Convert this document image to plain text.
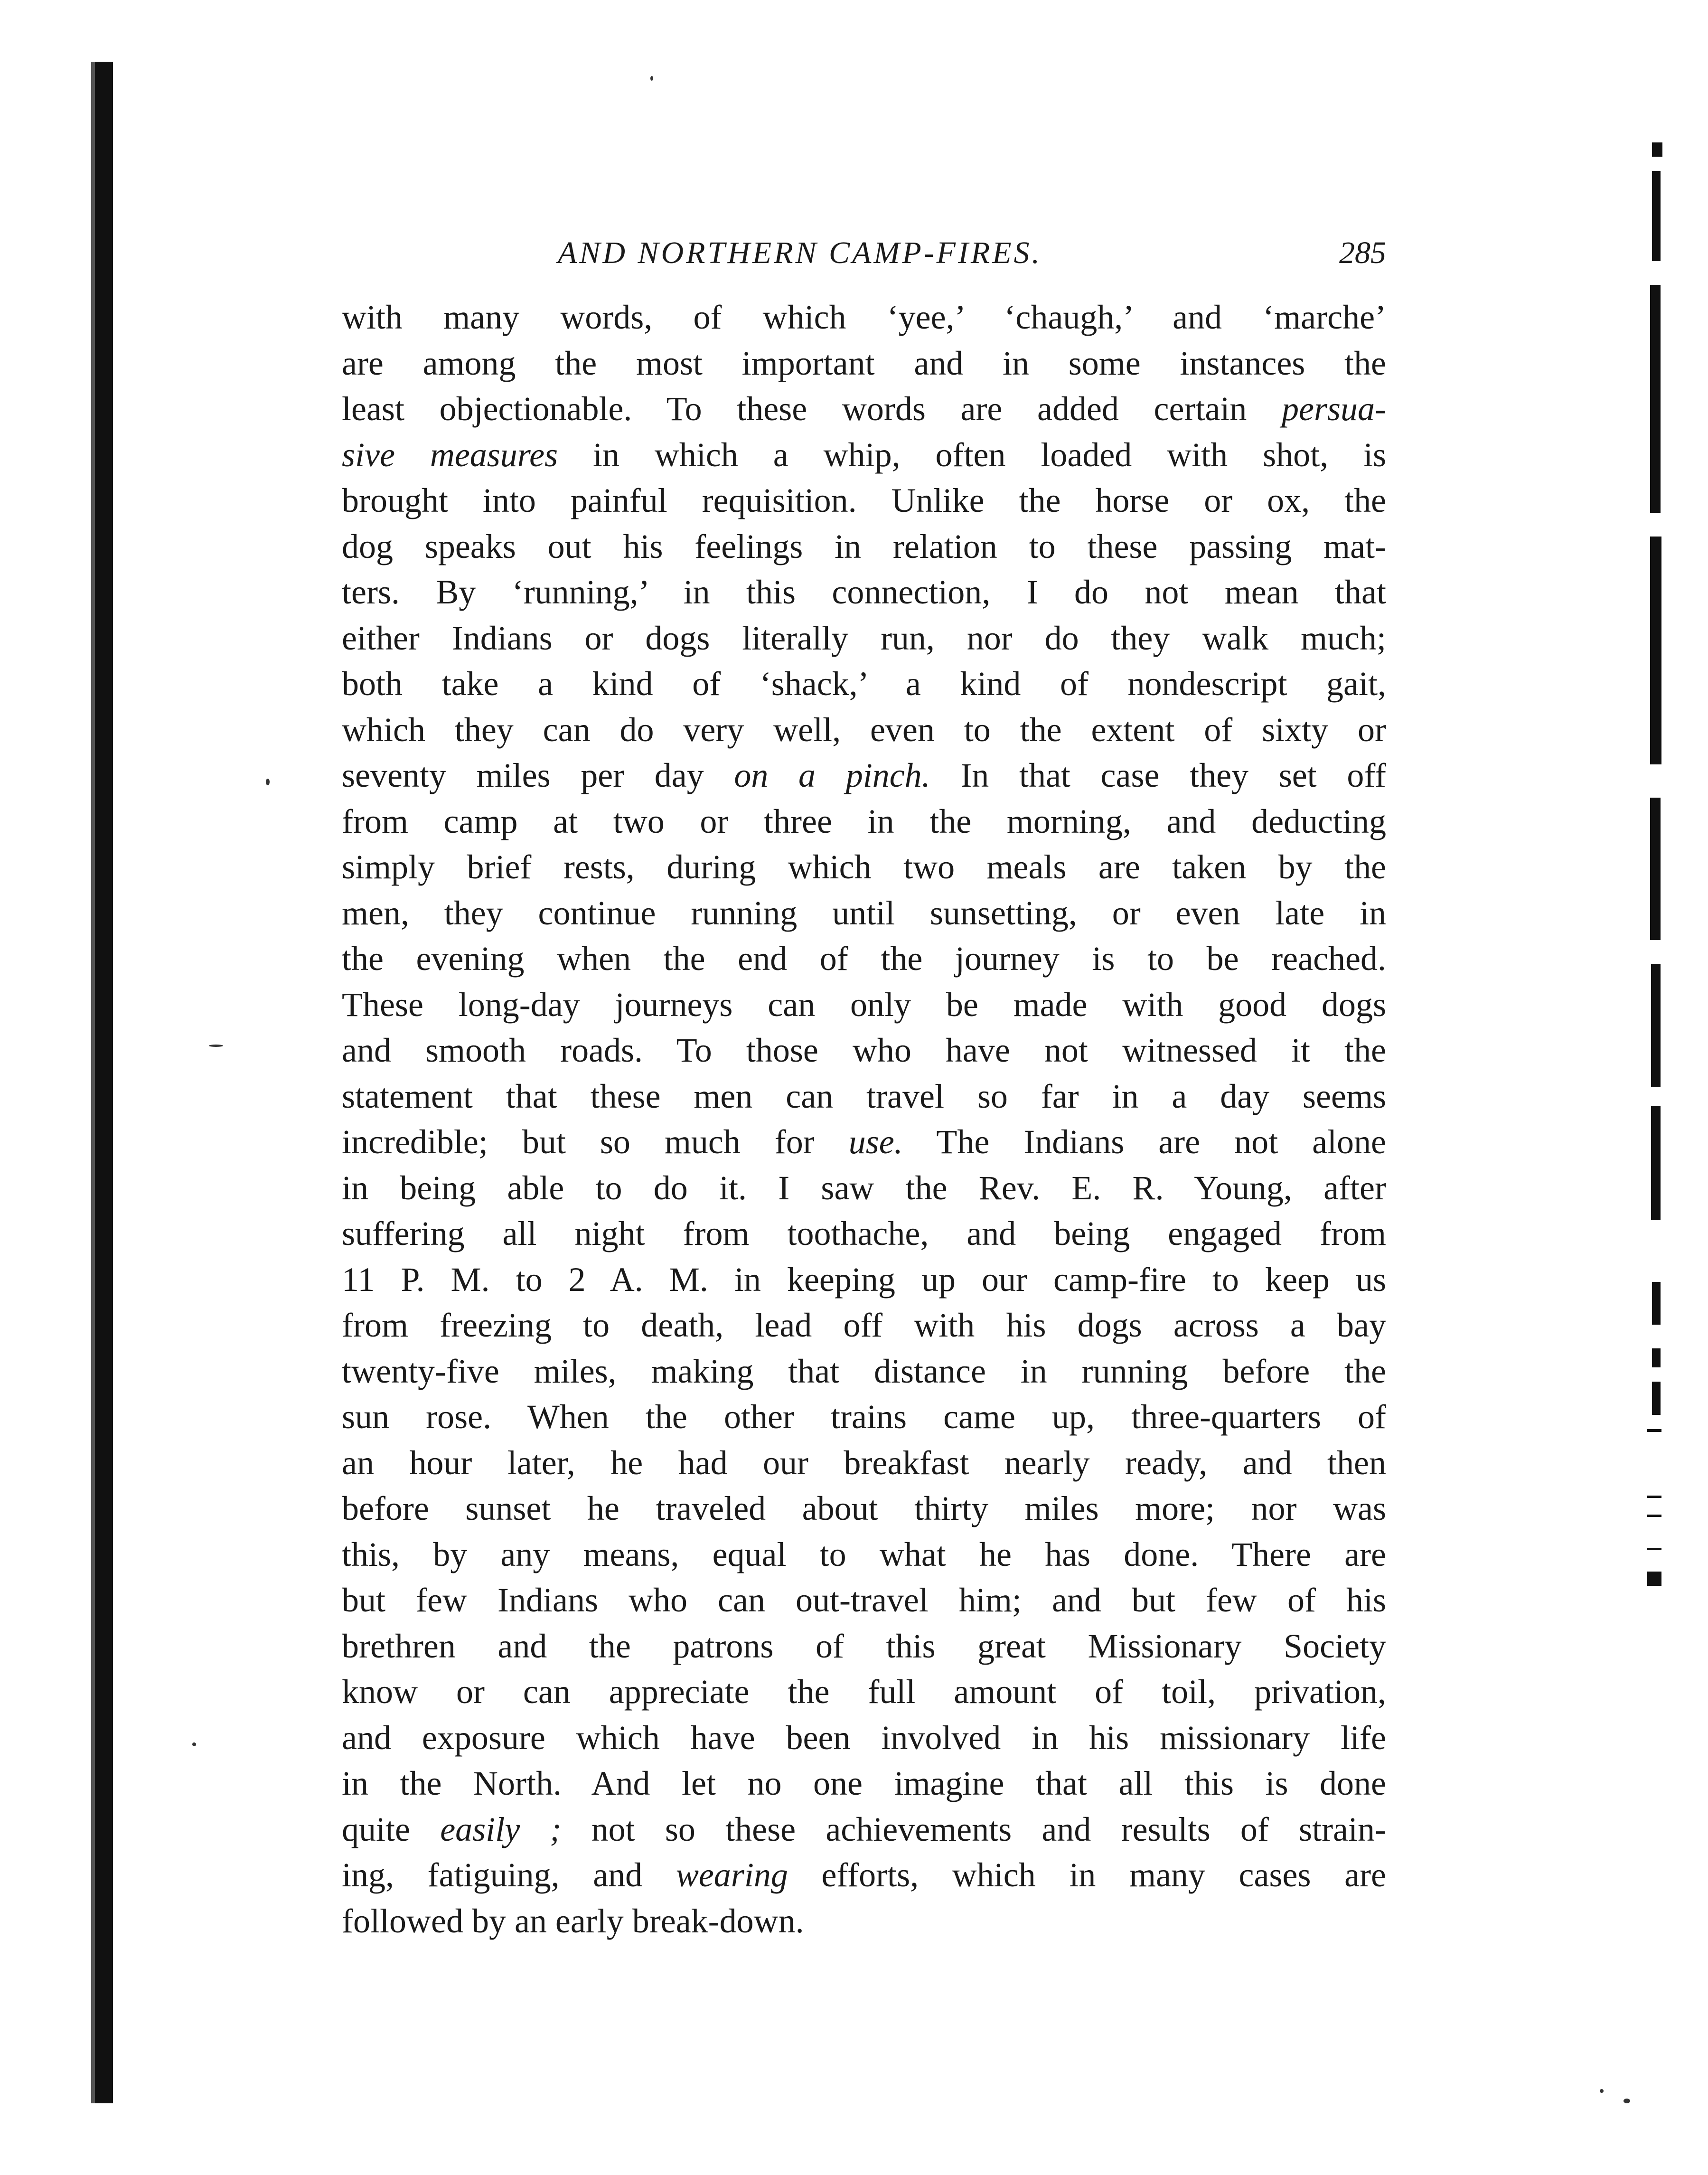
AND NORTHERN CAMP-FIRES.	285
with many words, of which ‘yee,’ ‘chaugh,’ and ‘marche’
are among the most important and in some instances the
least objectionable. To these words are added certain persua-
sive measures in which a whip, often loaded with shot, is
brought into painful requisition. Unlike the horse or ox, the
dog speaks out his feelings in relation to these passing mat-
ters. By ‘running,’ in this connection, I do not mean that
either Indians or dogs literally run, nor do they walk much;
both take a kind of ‘shack,’ a kind of nondescript gait,
which they can do very well, even to the extent of sixty or
seventy miles per day on a pinch. In that case they set off
from camp at two or three in the morning, and deducting
simply brief rests, during which two meals are taken by the
men, they continue running until sunsetting, or even late in
the evening when the end of the journey is to be reached.
These long-day journeys can only be made with good dogs
and smooth roads. To those who have not witnessed it the
statement that these men can travel so far in a day seems
incredible; but so much for use. The Indians are not alone
in being able to do it. I saw the Rev. E. R. Young, after
suffering all night from toothache, and being engaged from
11 P. M. to 2 A. M. in keeping up our camp-fire to keep us
from freezing to death, lead off with his dogs across a bay
twenty-five miles, making that distance in running before the
sun rose. When the other trains came up, three-quarters of
an hour later, he had our breakfast nearly ready, and then
before sunset he traveled about thirty miles more; nor was
this, by any means, equal to what he has done. There are
but few Indians who can out-travel him; and but few of his
brethren and the patrons of this great Missionary Society
know or can appreciate the full amount of toil, privation,
and exposure which have been involved in his missionary life
in the North. And let no one imagine that all this is done
quite easily ; not so these achievements and results of strain-
ing, fatiguing, and wearing efforts, which in many cases are
followed by an early break-down.
